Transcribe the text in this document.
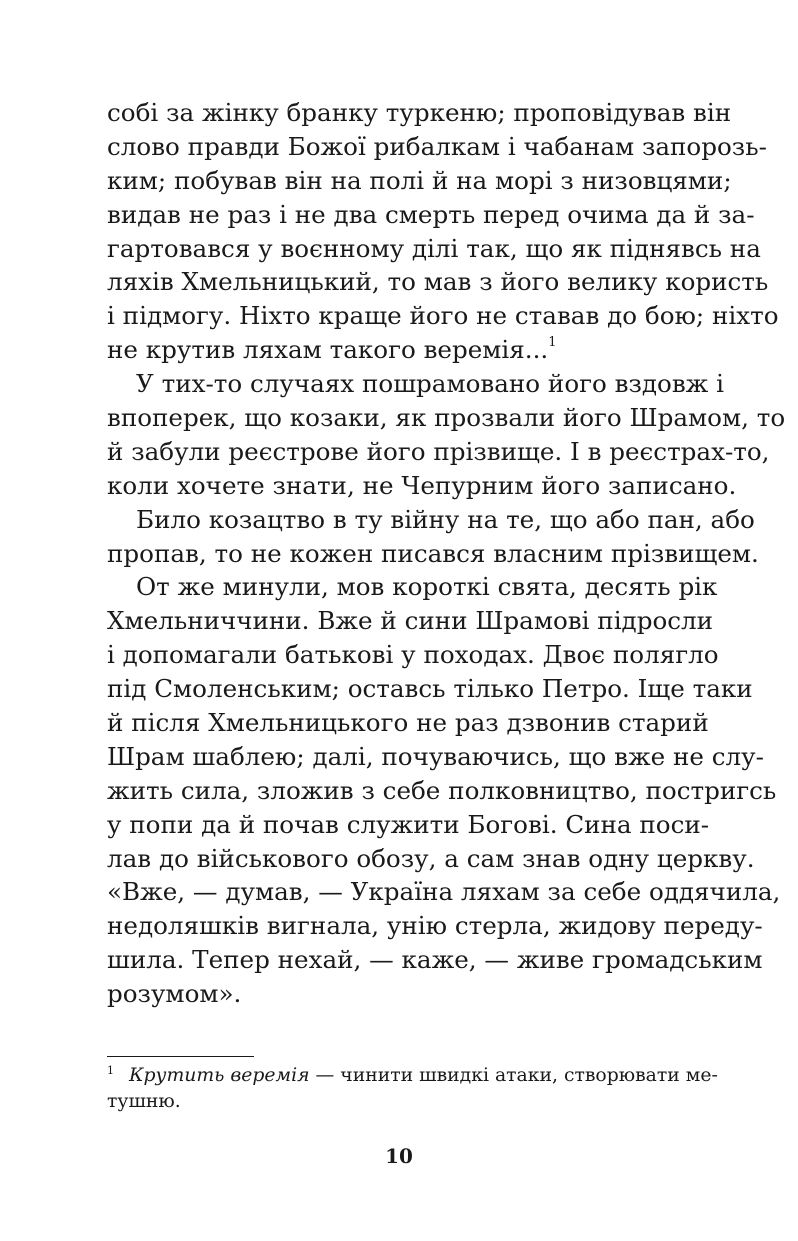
собі за жінку бранку туркеню; проповідував він
слово правди Божої рибалкам і чабанам запорозь-
ким; побував він на полі й на морі з низовцями;
видав не раз і не два смерть перед очима да й за-
гартовався у воєнному ділі так, що як піднявсь на
ляхів Хмельницький, то мав з його велику користь
і підмогу. Ніхто краще його не ставав до бою; ніхто
не крутив ляхам такого веремія...$^1$
У тих-то случаях пошрамовано його вздовж і
впоперек, що козаки, як прозвали його Шрамом, то
й забули реєстрове його прізвище. І в реєстрах-то,
коли хочете знати, не Чепурним його записано.
Било козацтво в ту війну на те, що або пан, або
пропав, то не кожен писався власним прізвищем.
От же минули, мов короткі свята, десять рік
Хмельниччини. Вже й сини Шрамові підросли
і допомагали батькові у походах. Двоє полягло
під Смоленським; оставсь тілько Петро. Іще таки
й після Хмельницького не раз дзвонив старий
Шрам шаблею; далі, почуваючись, що вже не слу-
жить сила, зложив з себе полковництво, постригсь
у попи да й почав служити Богові. Сина поси-
лав до військового обозу, а сам знав одну церкву.
«Вже, — думав, — Україна ляхам за себе оддячила,
недоляшків вигнала, унію стерла, жидову переду-
шила. Тепер нехай, — каже, — живе громадським
розумом».
1 Крутить веремія — чинити швидкі атаки, створювати ме-
тушню.
10
